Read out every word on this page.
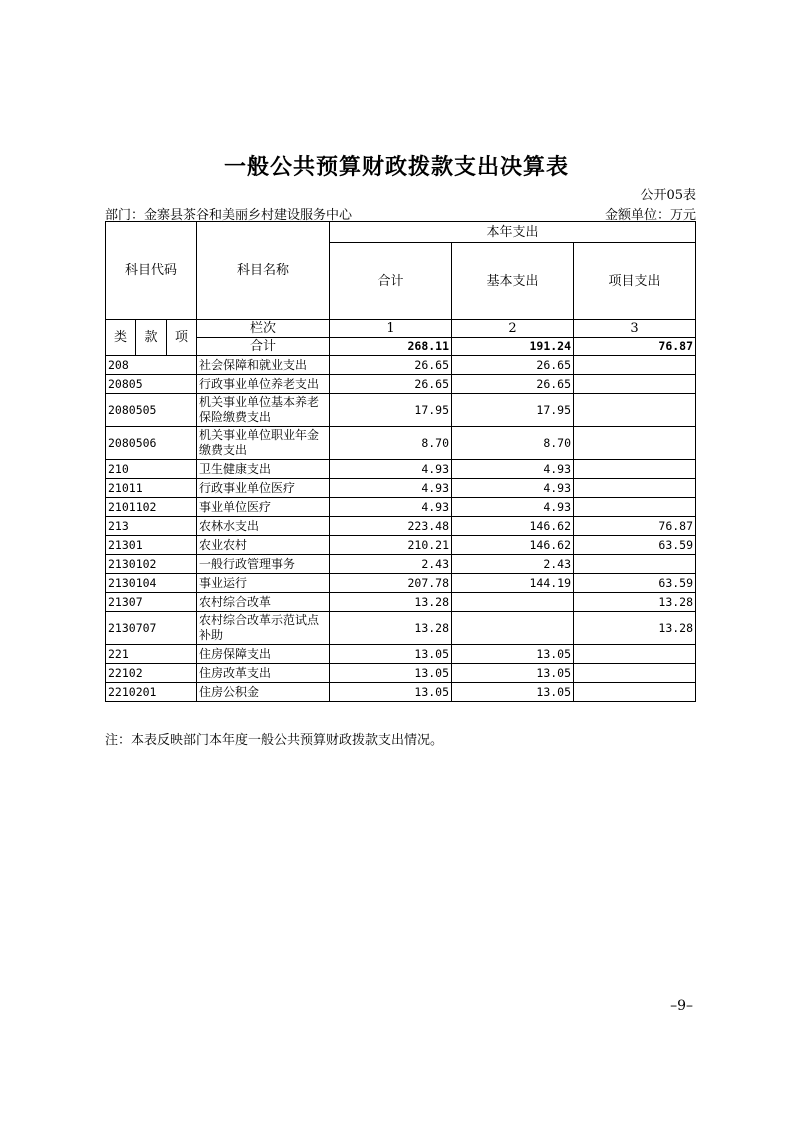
一般公共预算财政拨款支出决算表
公开05表
部门：金寨县茶谷和美丽乡村建设服务中心	金额单位：万元
科目代码			科目名称	本年支出		
				合计	基本支出	项目支出
类	款	项	栏次	1	2	3
			合计	268.11	191.24	76.87
208			社会保障和就业支出	26.65	26.65	
20805			行政事业单位养老支出	26.65	26.65	
2080505			机关事业单位基本养老保险缴费支出	17.95	17.95	
2080506			机关事业单位职业年金缴费支出	8.70	8.70	
210			卫生健康支出	4.93	4.93	
21011			行政事业单位医疗	4.93	4.93	
2101102			事业单位医疗	4.93	4.93	
213			农林水支出	223.48	146.62	76.87
21301			农业农村	210.21	146.62	63.59
2130102			一般行政管理事务	2.43	2.43	
2130104			事业运行	207.78	144.19	63.59
21307			农村综合改革	13.28		13.28
2130707			农村综合改革示范试点补助	13.28		13.28
221			住房保障支出	13.05	13.05	
22102			住房改革支出	13.05	13.05	
2210201			住房公积金	13.05	13.05	
注：本表反映部门本年度一般公共预算财政拨款支出情况。
–9–
